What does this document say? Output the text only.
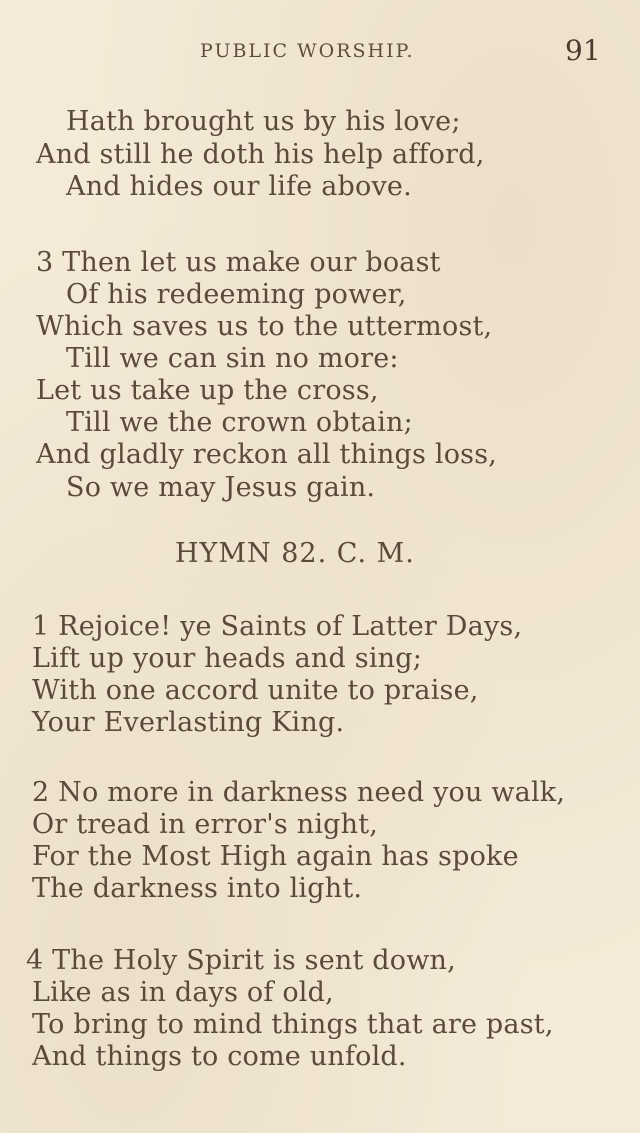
PUBLIC WORSHIP.	91
Hath brought us by his love;
And still he doth his help afford,
And hides our life above.
3 Then let us make our boast
Of his redeeming power,
Which saves us to the uttermost,
Till we can sin no more:
Let us take up the cross,
Till we the crown obtain;
And gladly reckon all things loss,
So we may Jesus gain.
HYMN 82. C. M.
1 Rejoice! ye Saints of Latter Days,
Lift up your heads and sing;
With one accord unite to praise,
Your Everlasting King.
2 No more in darkness need you walk,
Or tread in error's night,
For the Most High again has spoke
The darkness into light.
4 The Holy Spirit is sent down,
Like as in days of old,
To bring to mind things that are past,
And things to come unfold.
